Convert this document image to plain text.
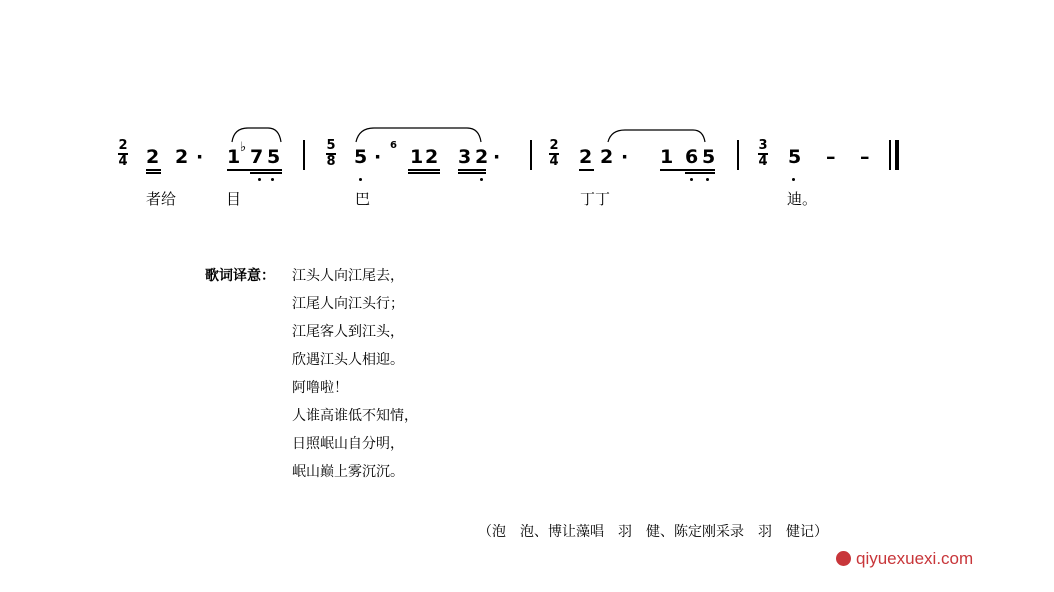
2
4
5
8
2
4
3
4
2 2 · 1 ♭ 7 5	5 ·
6
1 2 3 2 ·	2 2 · 1 6 5	5 – –
者给	目	巴	丁丁	迪。
歌词译意： 江头人向江尾去，
江尾人向江头行；
江尾客人到江头，
欣遇江头人相迎。
阿噜啦！
人谁高谁低不知情，
日照岷山自分明，
岷山巅上雾沉沉。
（泡　泡、博让藻唱　羽　健、陈定刚采录　羽　健记）
qiyuexuexi.com
